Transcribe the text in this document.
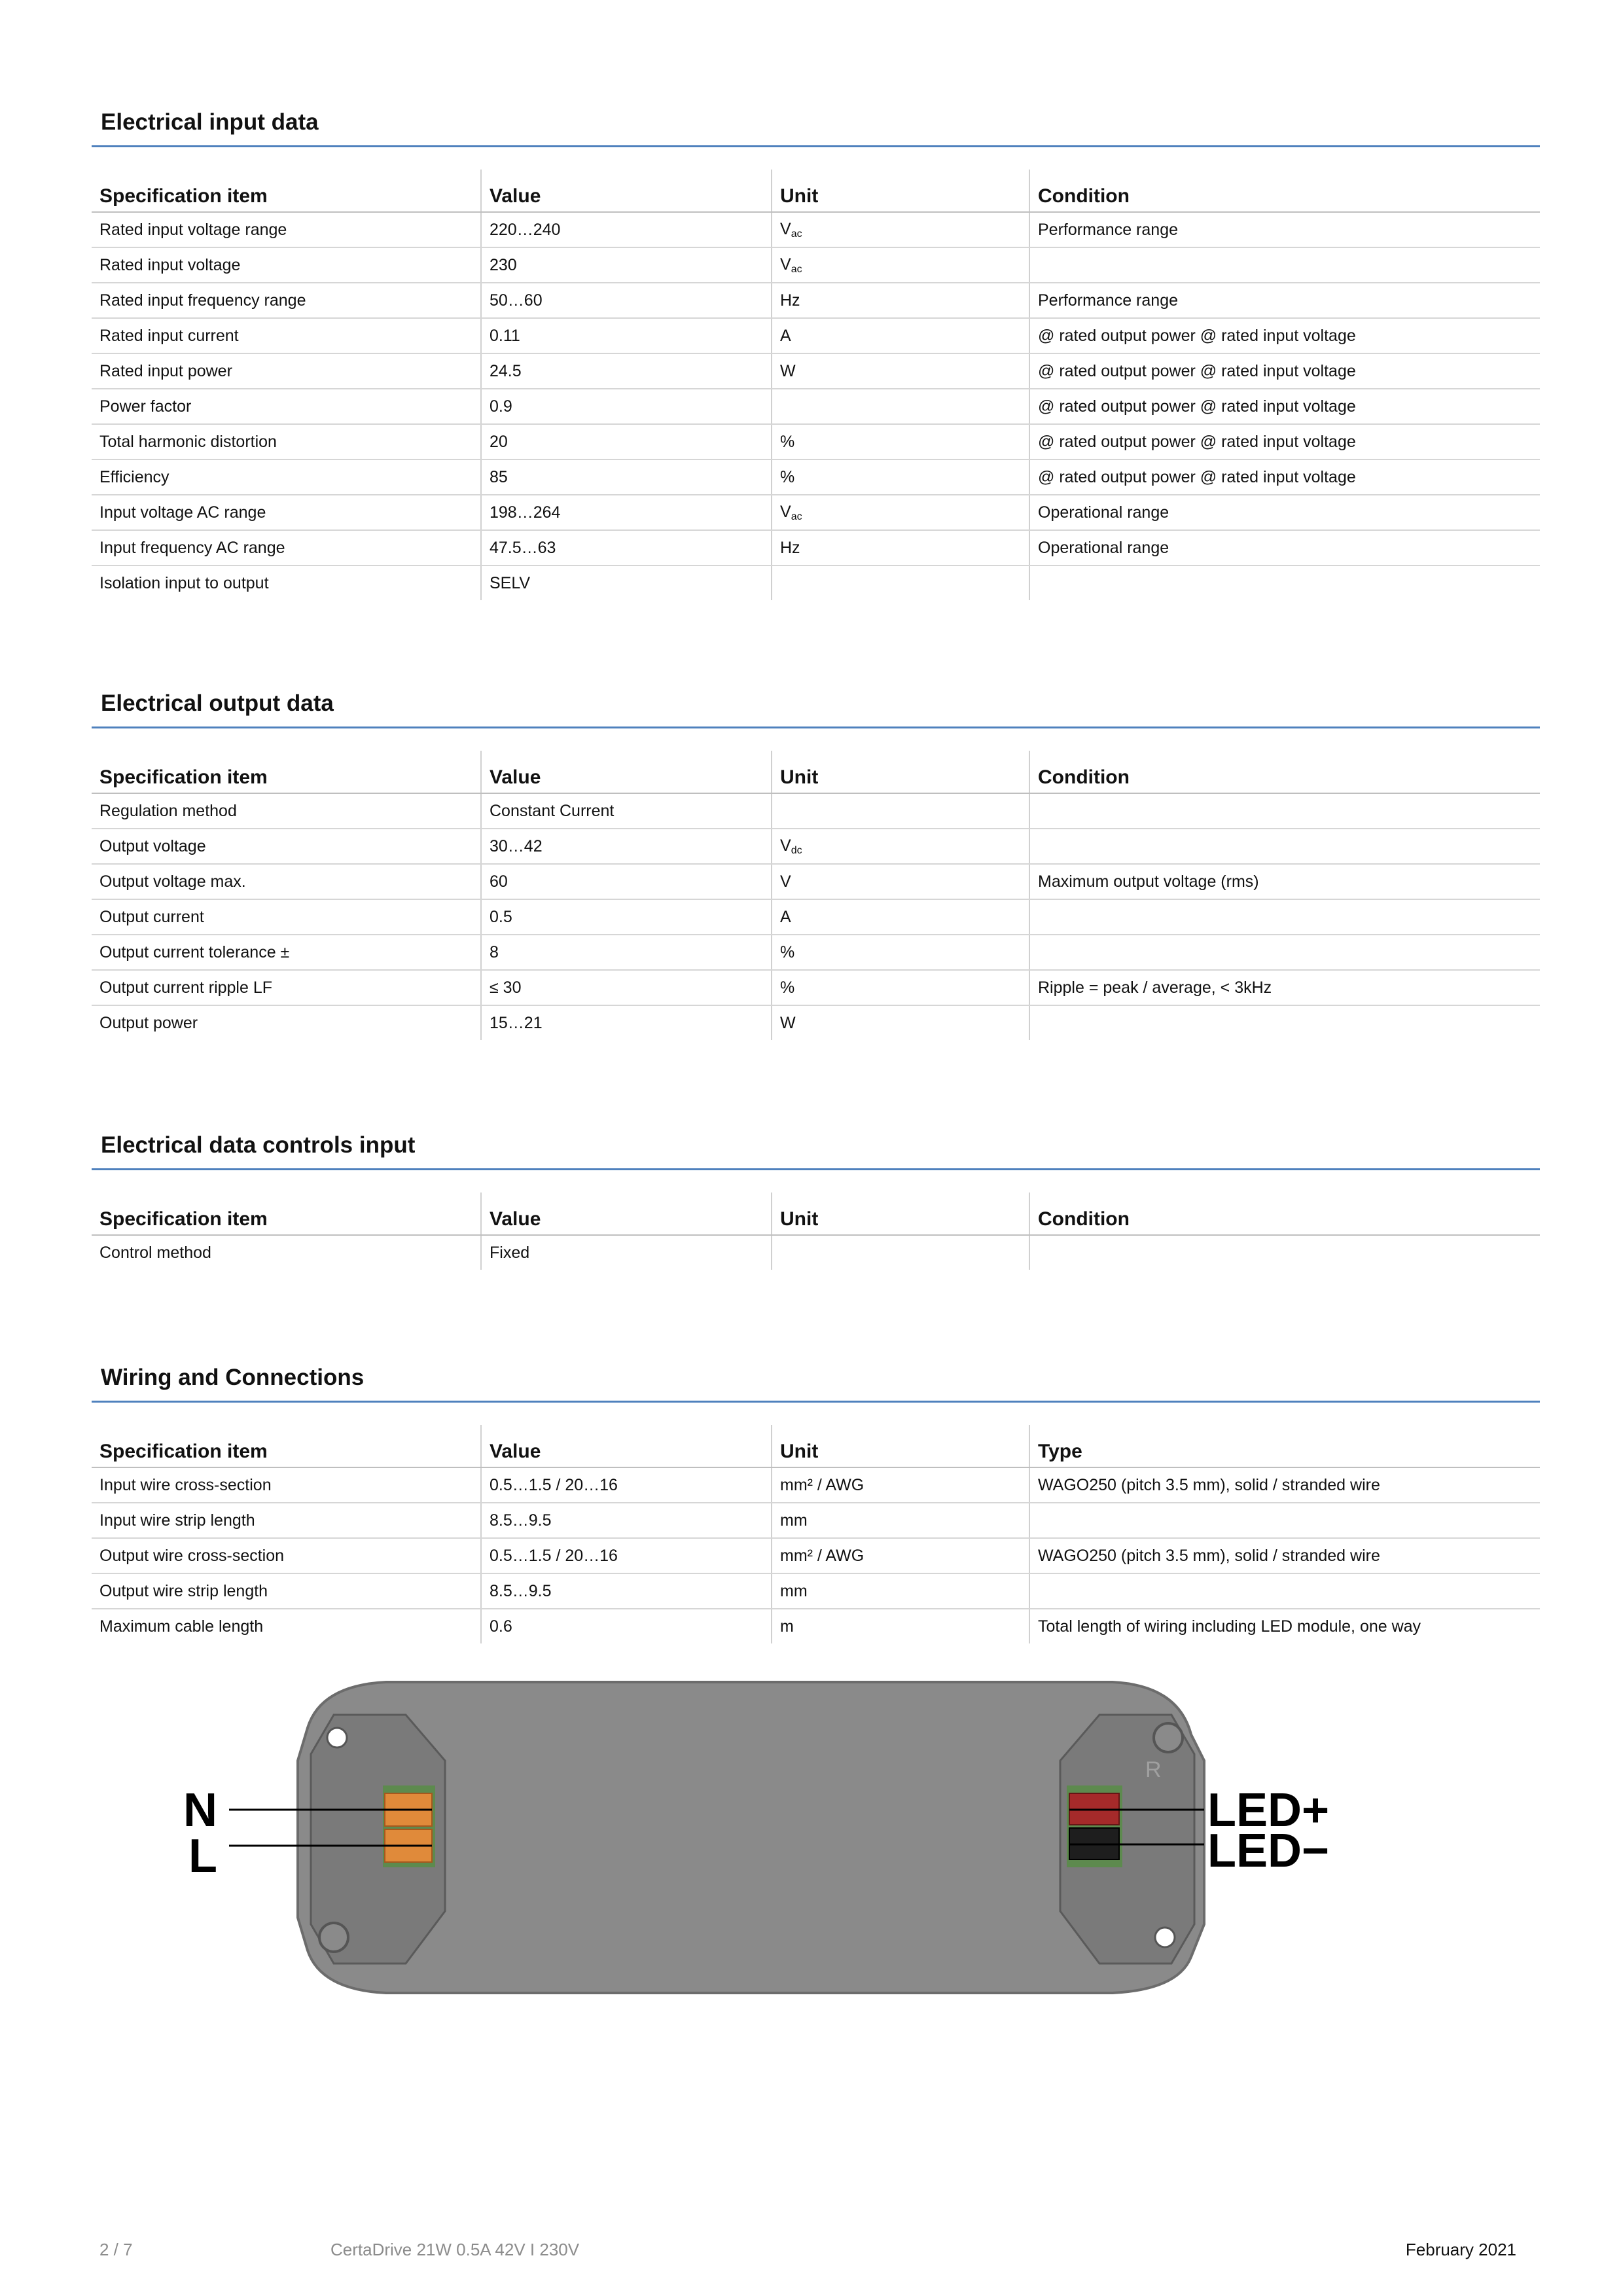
Electrical input data
Specification item	Value	Unit	Condition
Rated input voltage range	220…240	$V_{ac}$	Performance range
Rated input voltage	230	$V_{ac}$	
Rated input frequency range	50…60	Hz	Performance range
Rated input current	0.11	A	@ rated output power @ rated input voltage
Rated input power	24.5	W	@ rated output power @ rated input voltage
Power factor	0.9		@ rated output power @ rated input voltage
Total harmonic distortion	20	%	@ rated output power @ rated input voltage
Efficiency	85	%	@ rated output power @ rated input voltage
Input voltage AC range	198…264	$V_{ac}$	Operational range
Input frequency AC range	47.5…63	Hz	Operational range
Isolation input to output	SELV		
Electrical output data
Specification item	Value	Unit	Condition
Regulation method	Constant Current		
Output voltage	30…42	$V_{dc}$	
Output voltage max.	60	V	Maximum output voltage (rms)
Output current	0.5	A	
Output current tolerance ±	8	%	
Output current ripple LF	≤ 30	%	Ripple = peak / average, < 3kHz
Output power	15…21	W	
Electrical data controls input
Specification item	Value	Unit	Condition
Control method	Fixed		
Wiring and Connections
Specification item	Value	Unit	Type
Input wire cross-section	0.5…1.5 / 20…16	mm² / AWG	WAGO250 (pitch 3.5 mm), solid / stranded wire
Input wire strip length	8.5…9.5	mm	
Output wire cross-section	0.5…1.5 / 20…16	mm² / AWG	WAGO250 (pitch 3.5 mm), solid / stranded wire
Output wire strip length	8.5…9.5	mm	
Maximum cable length	0.6	m	Total length of wiring including LED module, one way
R
N
L
LED+
LED−
2 / 7	CertaDrive 21W 0.5A 42V I 230V	February 2021
